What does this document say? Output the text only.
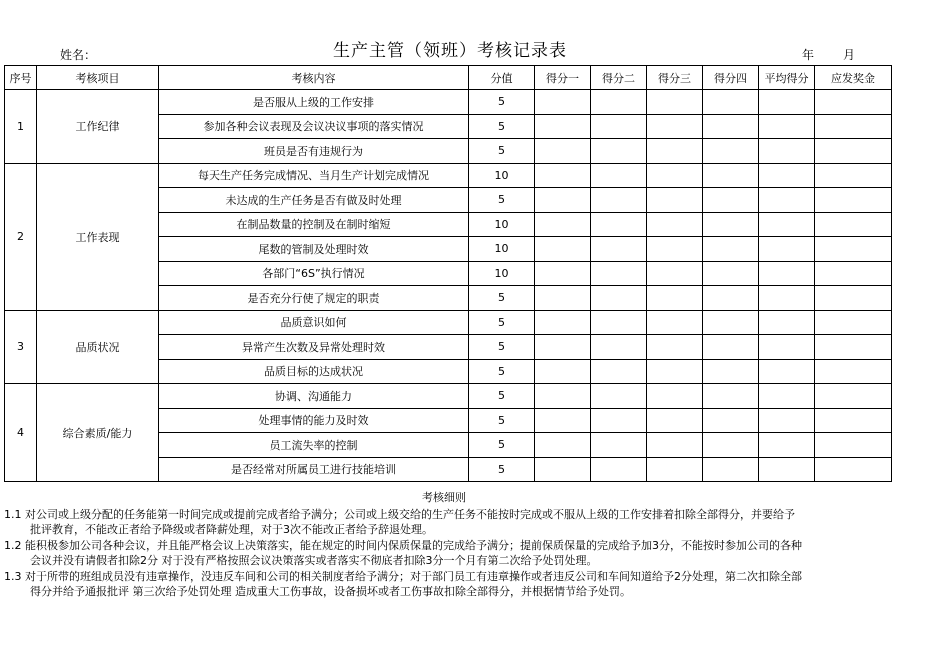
生产主管（领班）考核记录表
姓名：	年 月
序号	考核项目	考核内容	分值	得分一	得分二	得分三	得分四	平均得分	应发奖金
1	工作纪律	是否服从上级的工作安排	5						
		参加各种会议表现及会议决议事项的落实情况	5						
		班员是否有违规行为	5						
2	工作表现	每天生产任务完成情况、当月生产计划完成情况	10						
		未达成的生产任务是否有做及时处理	5						
		在制品数量的控制及在制时缩短	10						
		尾数的管制及处理时效	10						
		各部门“6S”执行情况	10						
		是否充分行使了规定的职责	5						
3	品质状况	品质意识如何	5						
		异常产生次数及异常处理时效	5						
		品质目标的达成状况	5						
4	综合素质/能力	协调、沟通能力	5						
		处理事情的能力及时效	5						
		员工流失率的控制	5						
		是否经常对所属员工进行技能培训	5						
考核细则

1.1 对公司或上级分配的任务能第一时间完成或提前完成者给予满分；公司或上级交给的生产任务不能按时完成或不服从上级的工作安排着扣除全部得分，并要给予

批评教育，不能改正者给予降级或者降薪处理，对于3次不能改正者给予辞退处理。

1.2 能积极参加公司各种会议，并且能严格会议上决策落实，能在规定的时间内保质保量的完成给予满分；提前保质保量的完成给予加3分，不能按时参加公司的各种

会议并没有请假者扣除2分 对于没有严格按照会议决策落实或者落实不彻底者扣除3分一个月有第二次给予处罚处理。

1.3 对于所带的班组成员没有违章操作，没违反车间和公司的相关制度者给予满分；对于部门员工有违章操作或者违反公司和车间知道给予2分处理，第二次扣除全部

得分并给予通报批评 第三次给予处罚处理 造成重大工伤事故，设备损坏或者工伤事故扣除全部得分，并根据情节给予处罚。
